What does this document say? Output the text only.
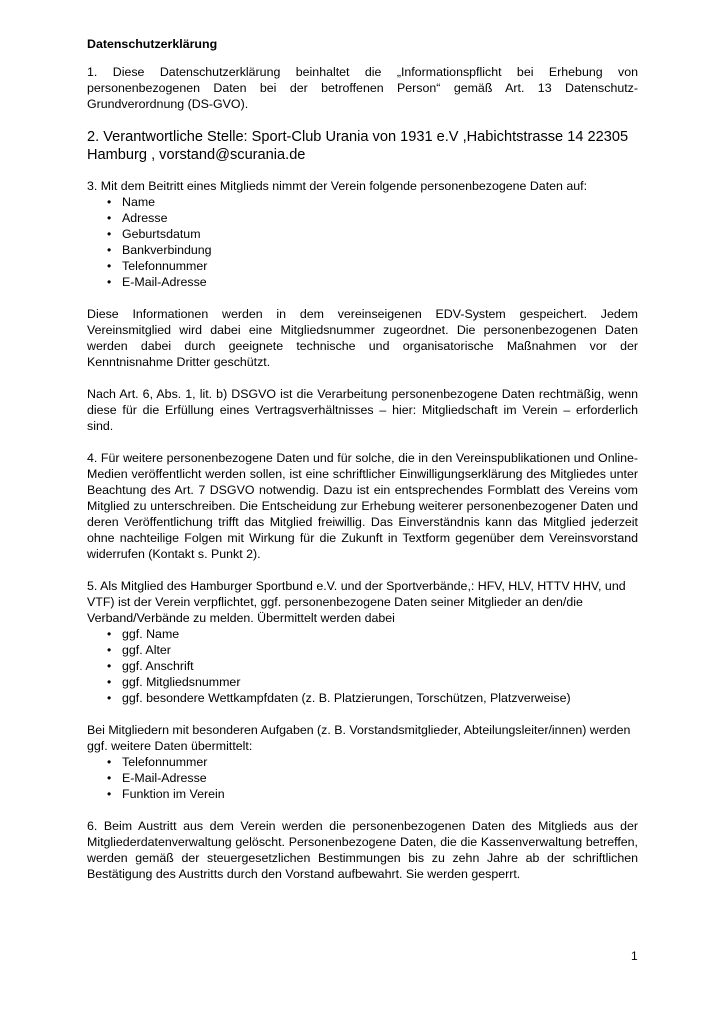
Datenschutzerklärung

1. Diese Datenschutzerklärung beinhaltet die „Informationspflicht bei Erhebung von personenbezogenen Daten bei der betroffenen Person“ gemäß Art. 13 Datenschutz-Grundverordnung (DS-GVO).

2. Verantwortliche Stelle: Sport-Club Urania von 1931 e.V ,Habichtstrasse 14 22305 Hamburg , vorstand@scurania.de

3. Mit dem Beitritt eines Mitglieds nimmt der Verein folgende personenbezogene Daten auf:

• Name
• Adresse
• Geburtsdatum
• Bankverbindung
• Telefonnummer
• E-Mail-Adresse

Diese Informationen werden in dem vereinseigenen EDV-System gespeichert. Jedem Vereinsmitglied wird dabei eine Mitgliedsnummer zugeordnet. Die personenbezogenen Daten werden dabei durch geeignete technische und organisatorische Maßnahmen vor der Kenntnisnahme Dritter geschützt.

Nach Art. 6, Abs. 1, lit. b) DSGVO ist die Verarbeitung personenbezogene Daten rechtmäßig, wenn diese für die Erfüllung eines Vertragsverhältnisses – hier: Mitgliedschaft im Verein – erforderlich sind.

4. Für weitere personenbezogene Daten und für solche, die in den Vereinspublikationen und Online-Medien veröffentlicht werden sollen, ist eine schriftlicher Einwilligungserklärung des Mitgliedes unter Beachtung des Art. 7 DSGVO notwendig. Dazu ist ein entsprechendes Formblatt des Vereins vom Mitglied zu unterschreiben. Die Entscheidung zur Erhebung weiterer personenbezogener Daten und deren Veröffentlichung trifft das Mitglied freiwillig. Das Einverständnis kann das Mitglied jederzeit ohne nachteilige Folgen mit Wirkung für die Zukunft in Textform gegenüber dem Vereinsvorstand widerrufen (Kontakt s. Punkt 2).

5. Als Mitglied des Hamburger Sportbund e.V. und der Sportverbände,: HFV, HLV, HTTV HHV, und VTF) ist der Verein verpflichtet, ggf. personenbezogene Daten seiner Mitglieder an den/die Verband/Verbände zu melden. Übermittelt werden dabei

• ggf. Name
• ggf. Alter
• ggf. Anschrift
• ggf. Mitgliedsnummer
• ggf. besondere Wettkampfdaten (z. B. Platzierungen, Torschützen, Platzverweise)

Bei Mitgliedern mit besonderen Aufgaben (z. B. Vorstandsmitglieder, Abteilungsleiter/innen) werden ggf. weitere Daten übermittelt:

• Telefonnummer
• E-Mail-Adresse
• Funktion im Verein

6. Beim Austritt aus dem Verein werden die personenbezogenen Daten des Mitglieds aus der Mitgliederdatenverwaltung gelöscht. Personenbezogene Daten, die die Kassenverwaltung betreffen, werden gemäß der steuergesetzlichen Bestimmungen bis zu zehn Jahre ab der schriftlichen Bestätigung des Austritts durch den Vorstand aufbewahrt. Sie werden gesperrt.

1
